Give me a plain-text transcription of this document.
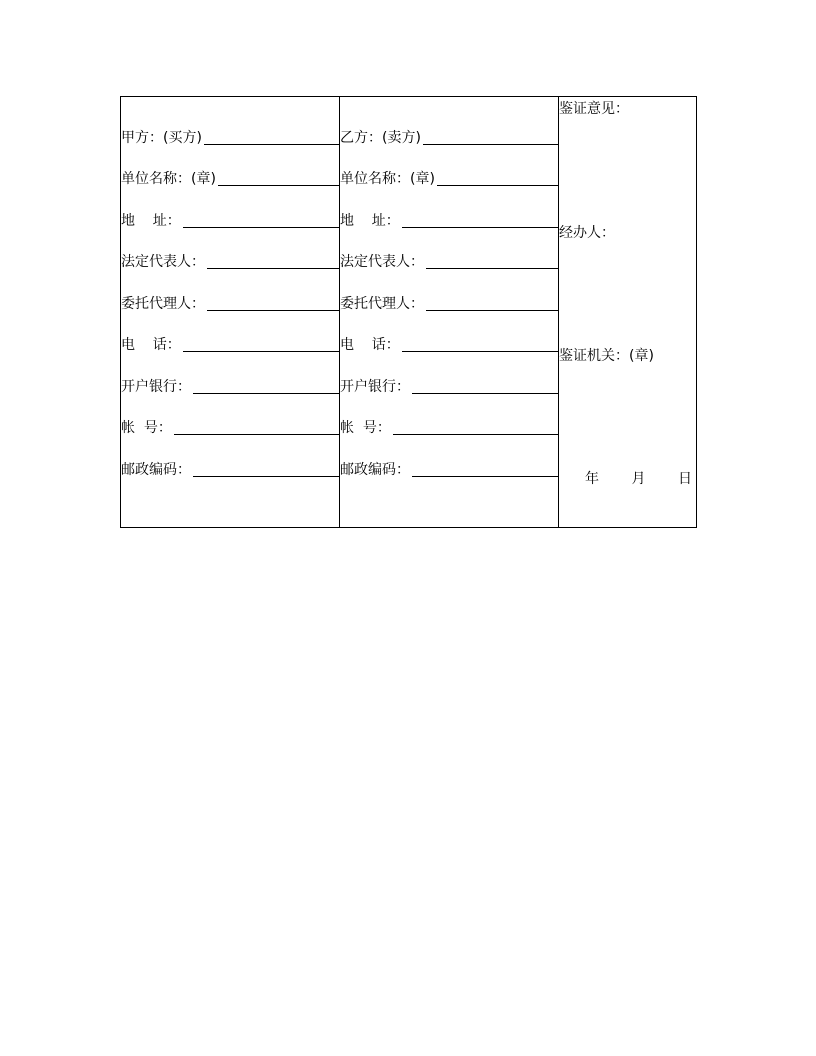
甲方：(买方)
单位名称：(章)
地    址：
法定代表人：
委托代理人：
电    话：
开户银行：
帐  号：
邮政编码：
乙方：(卖方)
单位名称：(章)
地    址：
法定代表人：
委托代理人：
电    话：
开户银行：
帐  号：
邮政编码：
鉴证意见：
经办人：
鉴证机关：(章)
年 月 日
